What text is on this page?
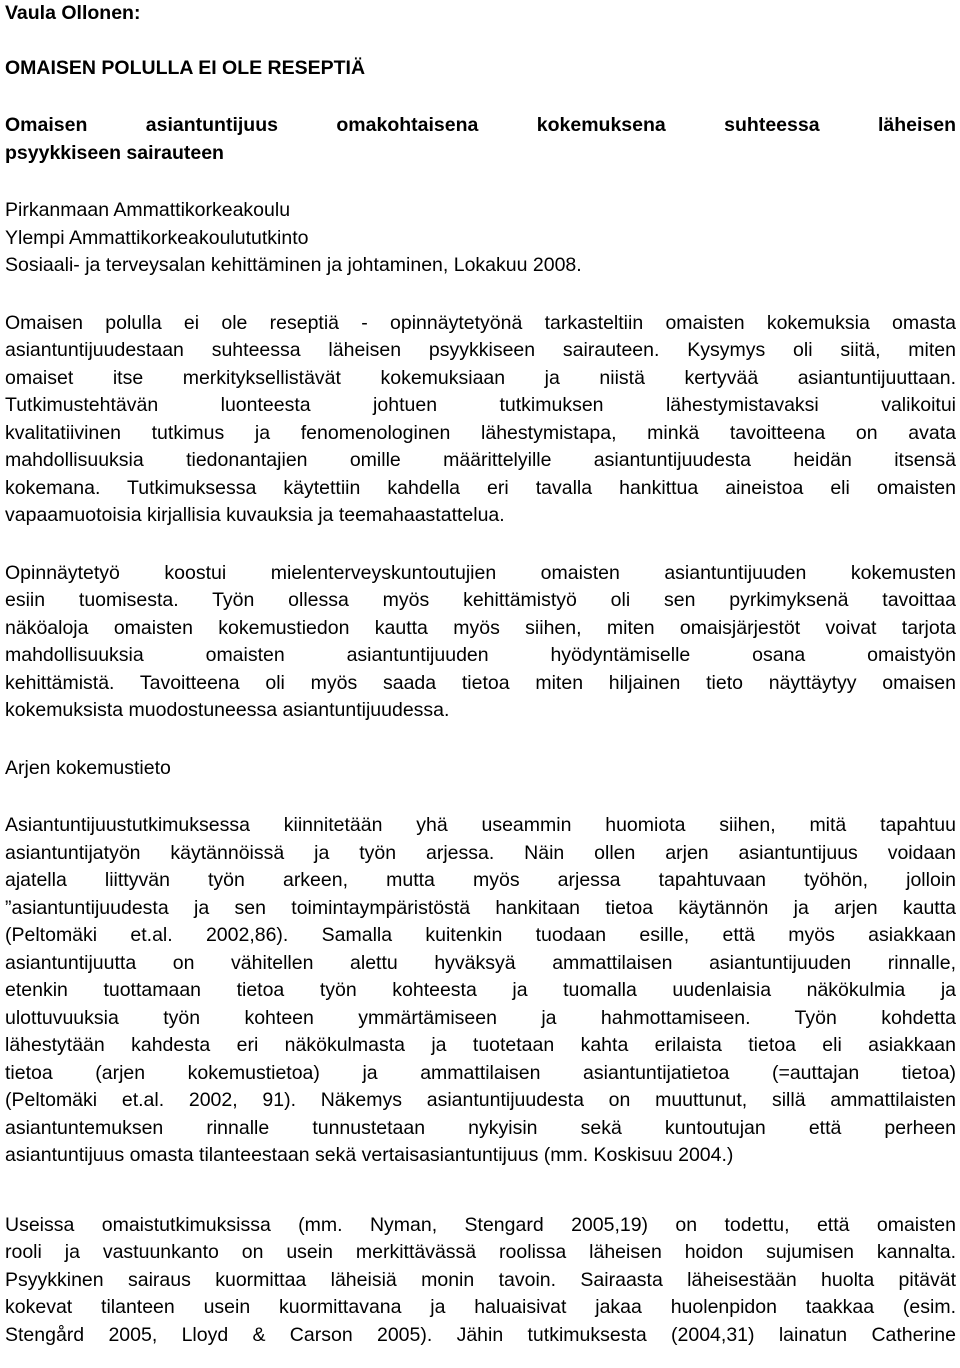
Vaula Ollonen:
OMAISEN POLULLA EI OLE RESEPTIÄ
Omaisen asiantuntijuus omakohtaisena kokemuksena suhteessa läheisen
psyykkiseen sairauteen
Pirkanmaan Ammattikorkeakoulu
Ylempi Ammattikorkeakoulututkinto
Sosiaali- ja terveysalan kehittäminen ja johtaminen, Lokakuu 2008.
Omaisen polulla ei ole reseptiä - opinnäytetyönä tarkasteltiin omaisten kokemuksia omasta
asiantuntijuudestaan suhteessa läheisen psyykkiseen sairauteen. Kysymys oli siitä, miten
omaiset itse merkityksellistävät kokemuksiaan ja niistä kertyvää asiantuntijuuttaan.
Tutkimustehtävän luonteesta johtuen tutkimuksen lähestymistavaksi valikoitui
kvalitatiivinen tutkimus ja fenomenologinen lähestymistapa, minkä tavoitteena on avata
mahdollisuuksia tiedonantajien omille määrittelyille asiantuntijuudesta heidän itsensä
kokemana. Tutkimuksessa käytettiin kahdella eri tavalla hankittua aineistoa eli omaisten
vapaamuotoisia kirjallisia kuvauksia ja teemahaastattelua.
Opinnäytetyö koostui mielenterveyskuntoutujien omaisten asiantuntijuuden kokemusten
esiin tuomisesta. Työn ollessa myös kehittämistyö oli sen pyrkimyksenä tavoittaa
näköaloja omaisten kokemustiedon kautta myös siihen, miten omaisjärjestöt voivat tarjota
mahdollisuuksia omaisten asiantuntijuuden hyödyntämiselle osana omaistyön
kehittämistä. Tavoitteena oli myös saada tietoa miten hiljainen tieto näyttäytyy omaisen
kokemuksista muodostuneessa asiantuntijuudessa.
Arjen kokemustieto
Asiantuntijuustutkimuksessa kiinnitetään yhä useammin huomiota siihen, mitä tapahtuu
asiantuntijatyön käytännöissä ja työn arjessa. Näin ollen arjen asiantuntijuus voidaan
ajatella liittyvän työn arkeen, mutta myös arjessa tapahtuvaan työhön, jolloin
”asiantuntijuudesta ja sen toimintaympäristöstä hankitaan tietoa käytännön ja arjen kautta
(Peltomäki et.al. 2002,86). Samalla kuitenkin tuodaan esille, että myös asiakkaan
asiantuntijuutta on vähitellen alettu hyväksyä ammattilaisen asiantuntijuuden rinnalle,
etenkin tuottamaan tietoa työn kohteesta ja tuomalla uudenlaisia näkökulmia ja
ulottuvuuksia työn kohteen ymmärtämiseen ja hahmottamiseen. Työn kohdetta
lähestytään kahdesta eri näkökulmasta ja tuotetaan kahta erilaista tietoa eli asiakkaan
tietoa (arjen kokemustietoa) ja ammattilaisen asiantuntijatietoa (=auttajan tietoa)
(Peltomäki et.al. 2002, 91). Näkemys asiantuntijuudesta on muuttunut, sillä ammattilaisten
asiantuntemuksen rinnalle tunnustetaan nykyisin sekä kuntoutujan että perheen
asiantuntijuus omasta tilanteestaan sekä vertaisasiantuntijuus (mm. Koskisuu 2004.)
Useissa omaistutkimuksissa (mm. Nyman, Stengard 2005,19) on todettu, että omaisten
rooli ja vastuunkanto on usein merkittävässä roolissa läheisen hoidon sujumisen kannalta.
Psyykkinen sairaus kuormittaa läheisiä monin tavoin. Sairaasta läheisestään huolta pitävät
kokevat tilanteen usein kuormittavana ja haluaisivat jakaa huolenpidon taakkaa (esim.
Stengård 2005, Lloyd & Carson 2005). Jähin tutkimuksesta (2004,31) lainatun Catherine
